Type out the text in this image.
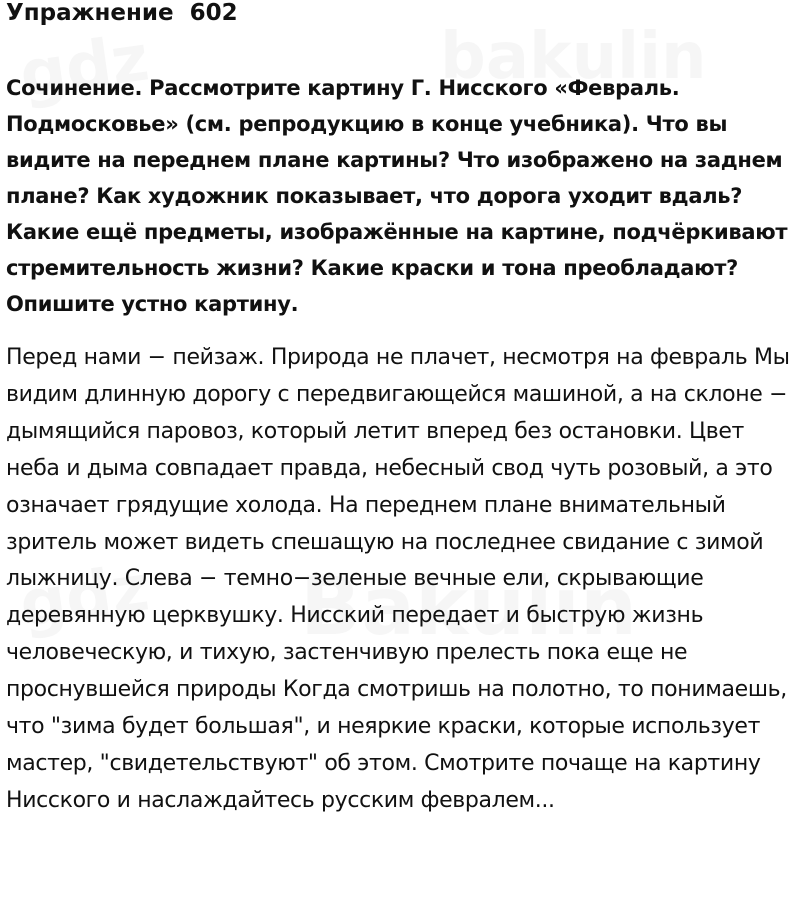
Упражнение  602

Сочинение. Рассмотрите картину Г. Нисского «Февраль. Подмосковье» (см. репродукцию в конце учебника). Что вы видите на переднем плане картины? Что изображено на заднем плане? Как художник показывает, что дорога уходит вдаль? Какие ещё предметы, изображённые на картине, подчёркивают стремительность жизни? Какие краски и тона преобладают? Опишите устно картину.

Перед нами − пейзаж. Природа не плачет, несмотря на февраль Мы видим длинную дорогу с передвигающейся машиной, а на склоне − дымящийся паровоз, который летит вперед без остановки. Цвет неба и дыма совпадает правда, небесный свод чуть розовый, а это означает грядущие холода. На переднем плане внимательный зритель может видеть спешащую на последнее свидание с зимой лыжницу. Слева − темно−зеленые вечные ели, скрывающие деревянную церквушку. Нисский передает и быструю жизнь человеческую, и тихую, застенчивую прелесть пока еще не проснувшейся природы Когда смотришь на полотно, то понимаешь, что "зима будет большая", и неяркие краски, которые использует мастер, "свидетельствуют" об этом. Смотрите почаще на картину Нисского и наслаждайтесь русским февралем...
